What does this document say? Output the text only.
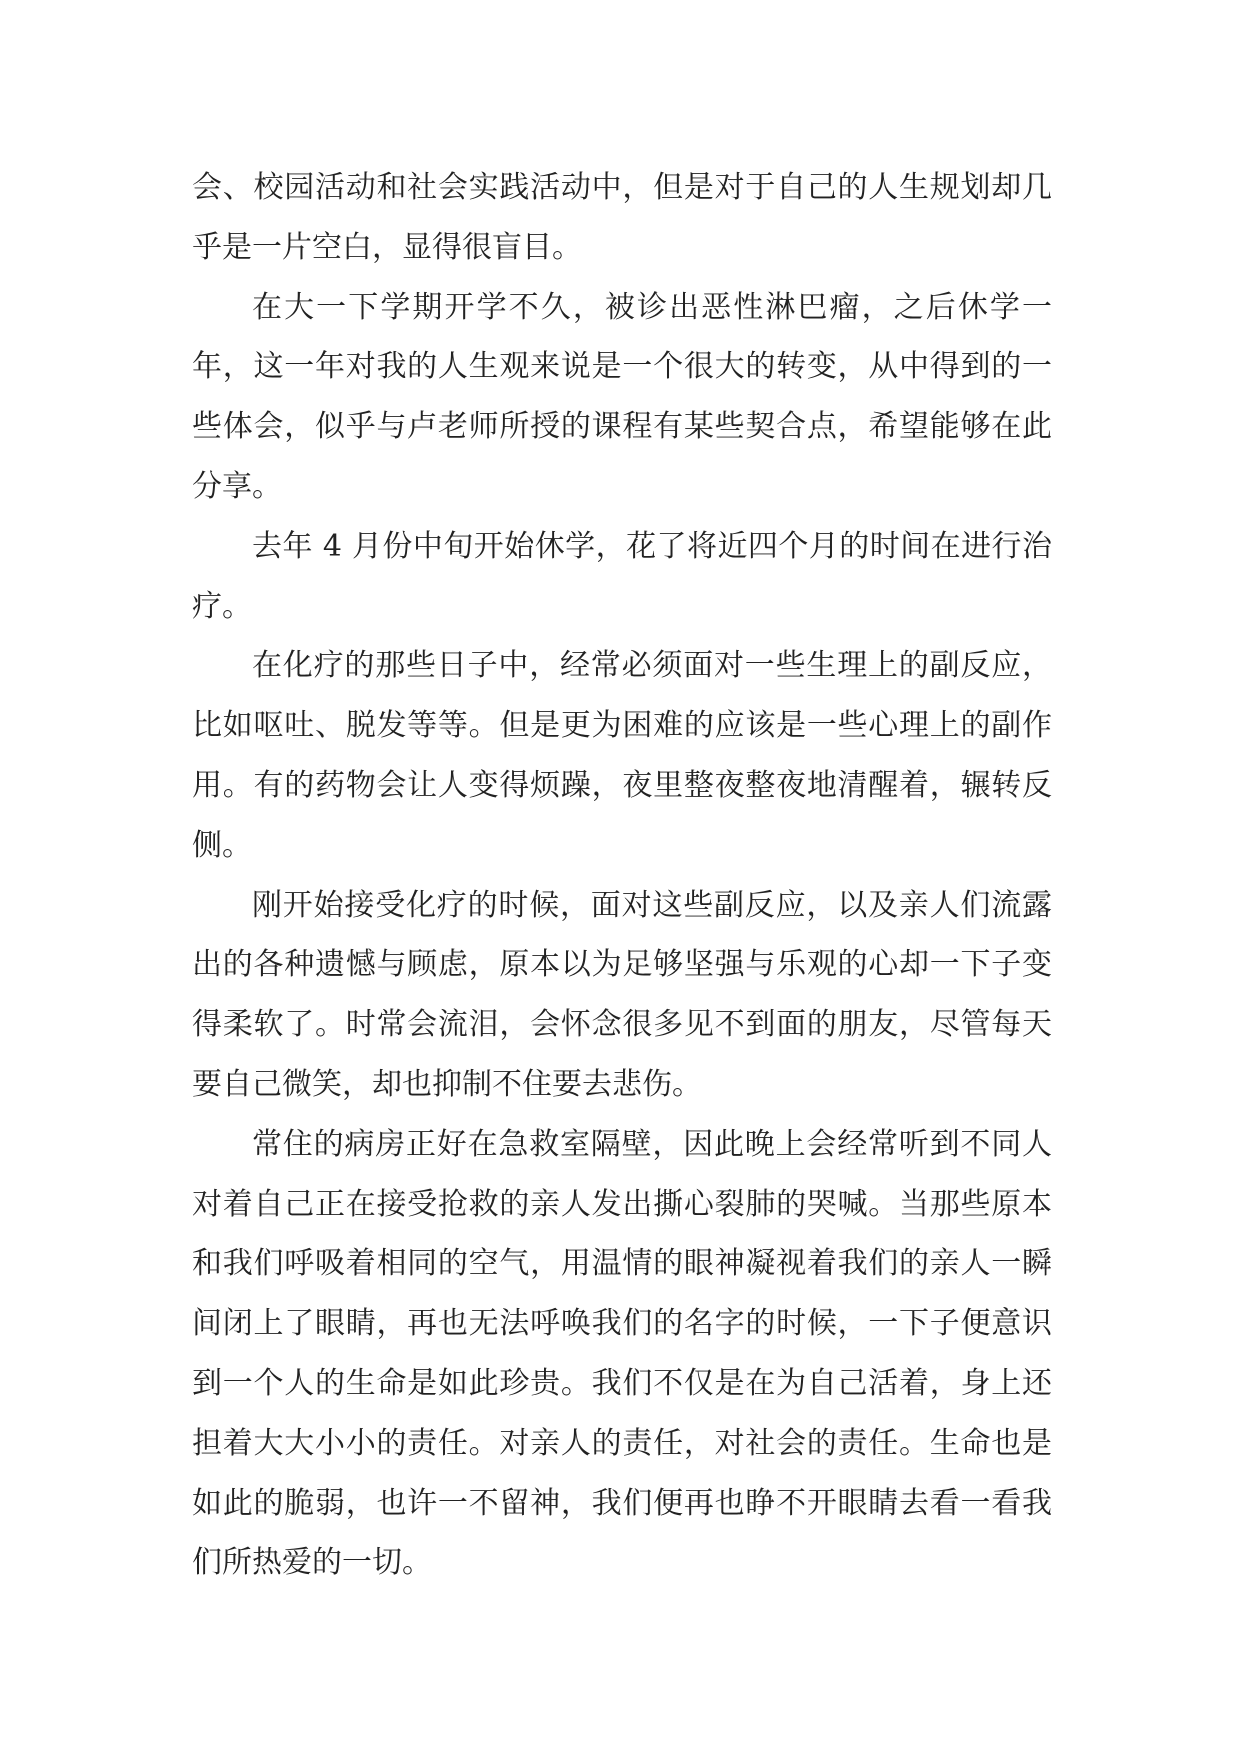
会、校园活动和社会实践活动中，但是对于自己的人生规划却几乎是一片空白，显得很盲目。

在大一下学期开学不久，被诊出恶性淋巴瘤，之后休学一年，这一年对我的人生观来说是一个很大的转变，从中得到的一些体会，似乎与卢老师所授的课程有某些契合点，希望能够在此分享。

去年 4 月份中旬开始休学，花了将近四个月的时间在进行治疗。

在化疗的那些日子中，经常必须面对一些生理上的副反应，比如呕吐、脱发等等。但是更为困难的应该是一些心理上的副作用。有的药物会让人变得烦躁，夜里整夜整夜地清醒着，辗转反侧。

刚开始接受化疗的时候，面对这些副反应，以及亲人们流露出的各种遗憾与顾虑，原本以为足够坚强与乐观的心却一下子变得柔软了。时常会流泪，会怀念很多见不到面的朋友，尽管每天要自己微笑，却也抑制不住要去悲伤。

常住的病房正好在急救室隔壁，因此晚上会经常听到不同人对着自己正在接受抢救的亲人发出撕心裂肺的哭喊。当那些原本和我们呼吸着相同的空气，用温情的眼神凝视着我们的亲人一瞬间闭上了眼睛，再也无法呼唤我们的名字的时候，一下子便意识到一个人的生命是如此珍贵。我们不仅是在为自己活着，身上还担着大大小小的责任。对亲人的责任，对社会的责任。生命也是如此的脆弱，也许一不留神，我们便再也睁不开眼睛去看一看我们所热爱的一切。
